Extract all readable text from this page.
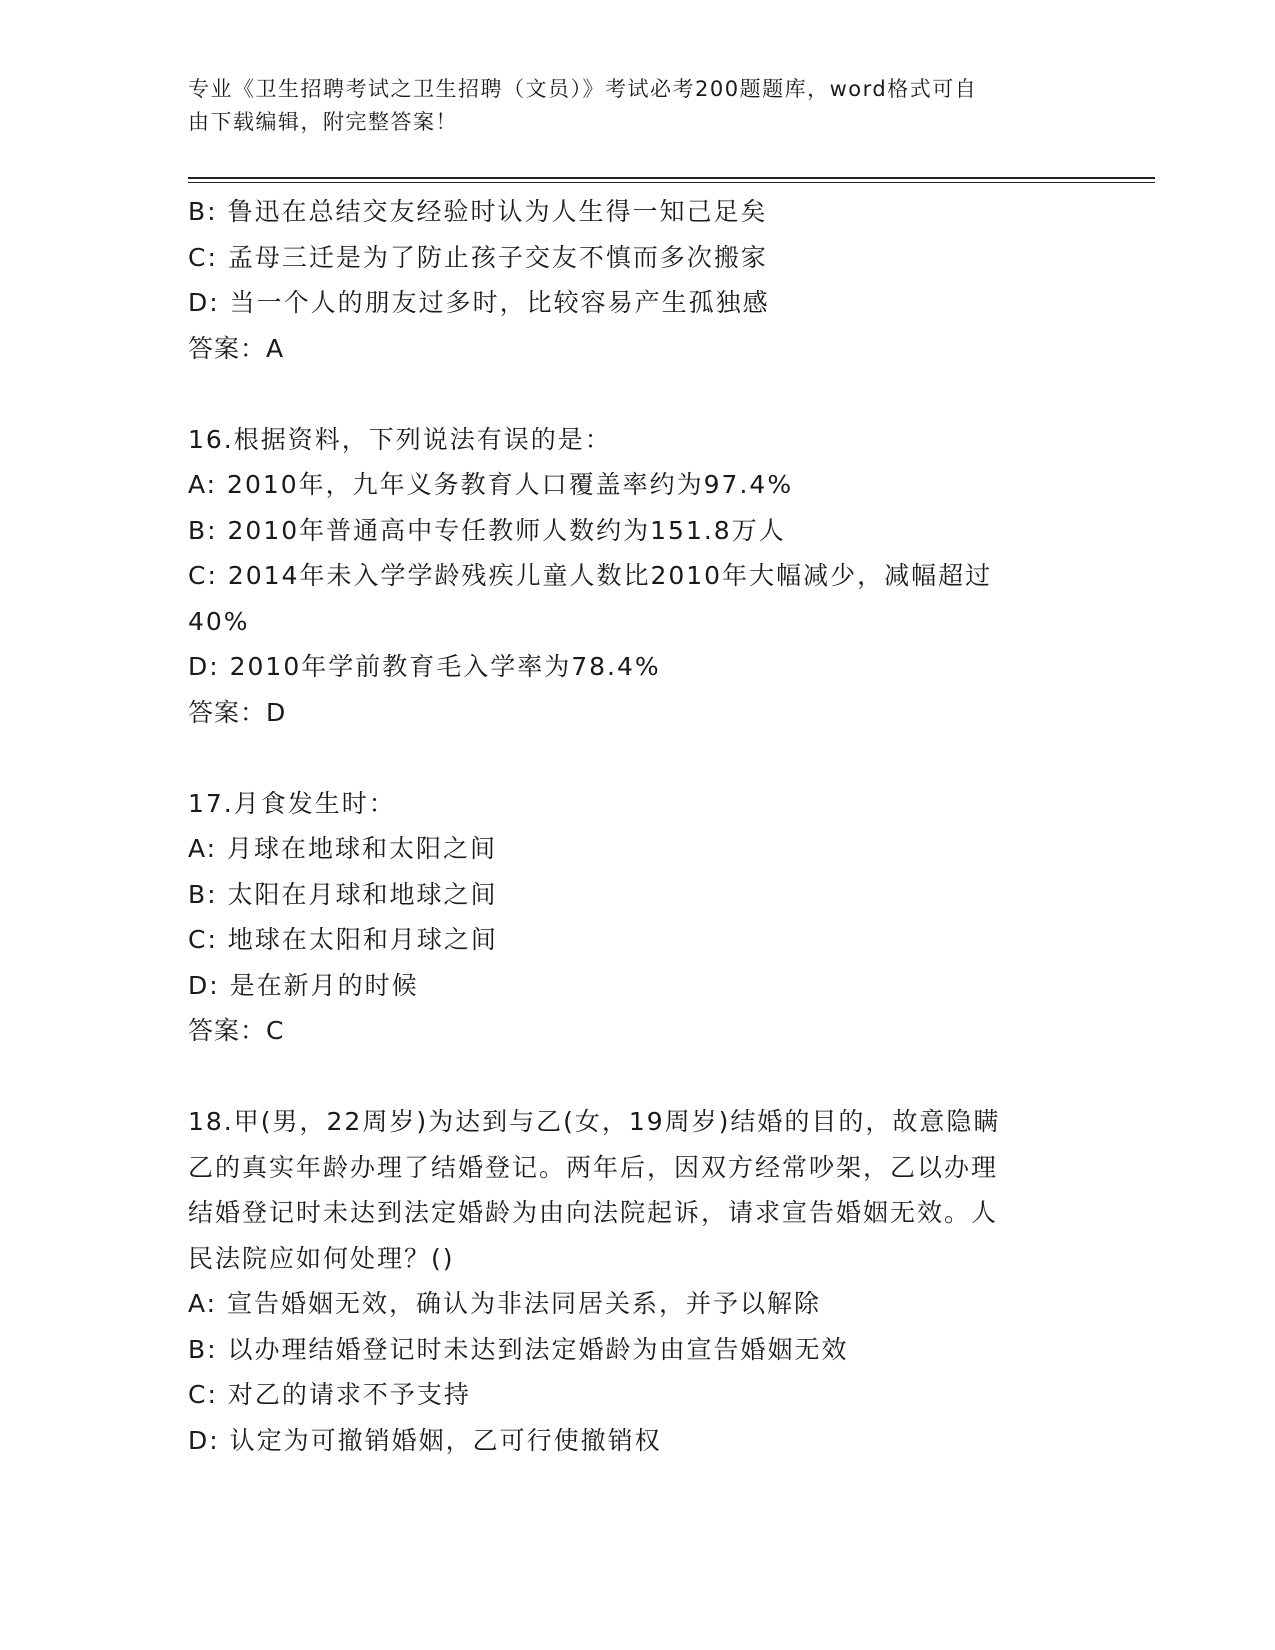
专业《卫生招聘考试之卫生招聘（文员）》考试必考200题题库，word格式可自
由下载编辑，附完整答案！
B: 鲁迅在总结交友经验时认为人生得一知己足矣
C: 孟母三迁是为了防止孩子交友不慎而多次搬家
D: 当一个人的朋友过多时，比较容易产生孤独感
答案：A
16.根据资料，下列说法有误的是：
A: 2010年，九年义务教育人口覆盖率约为97.4%
B: 2010年普通高中专任教师人数约为151.8万人
C: 2014年未入学学龄残疾儿童人数比2010年大幅减少，减幅超过
40%
D: 2010年学前教育毛入学率为78.4%
答案：D
17.月食发生时：
A: 月球在地球和太阳之间
B: 太阳在月球和地球之间
C: 地球在太阳和月球之间
D: 是在新月的时候
答案：C
18.甲(男，22周岁)为达到与乙(女，19周岁)结婚的目的，故意隐瞒
乙的真实年龄办理了结婚登记。两年后，因双方经常吵架，乙以办理
结婚登记时未达到法定婚龄为由向法院起诉，请求宣告婚姻无效。人
民法院应如何处理？()
A: 宣告婚姻无效，确认为非法同居关系，并予以解除
B: 以办理结婚登记时未达到法定婚龄为由宣告婚姻无效
C: 对乙的请求不予支持
D: 认定为可撤销婚姻，乙可行使撤销权
